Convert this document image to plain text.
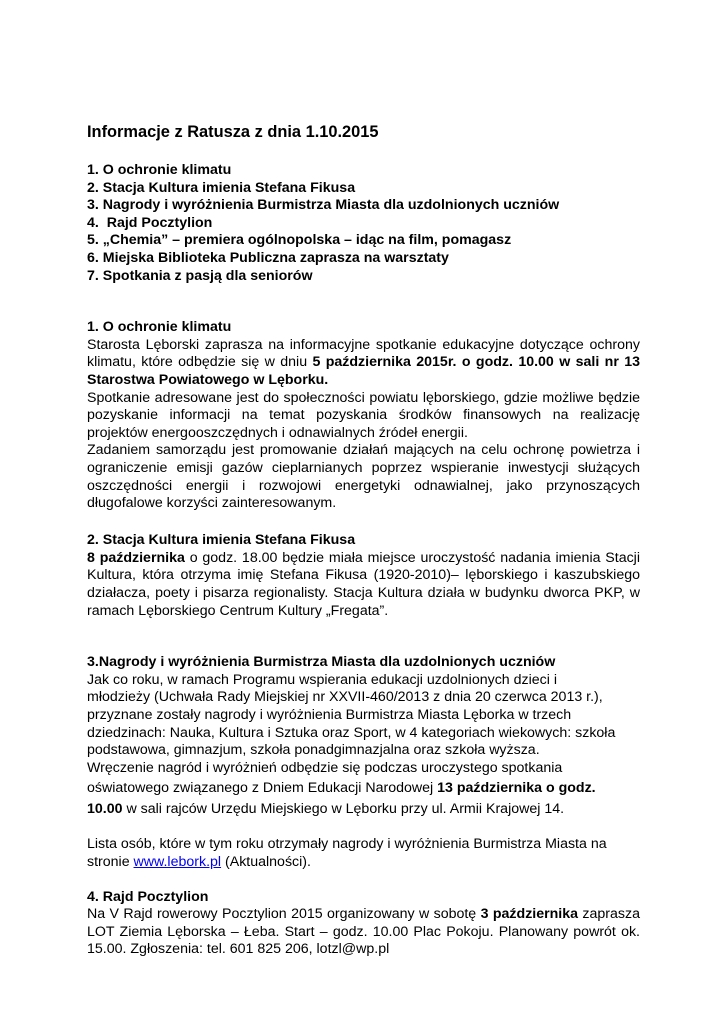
Informacje z Ratusza z dnia 1.10.2015
1. O ochronie klimatu
2. Stacja Kultura imienia Stefana Fikusa
3. Nagrody i wyróżnienia Burmistrza Miasta dla uzdolnionych uczniów
4.  Rajd Pocztylion
5. „Chemia” – premiera ogólnopolska – idąc na film, pomagasz
6. Miejska Biblioteka Publiczna zaprasza na warsztaty
7. Spotkania z pasją dla seniorów
1. O ochronie klimatu

Starosta Lęborski zaprasza na informacyjne spotkanie edukacyjne dotyczące ochrony klimatu, które odbędzie się w dniu 5 października 2015r. o godz. 10.00 w sali nr 13 Starostwa Powiatowego w Lęborku.

Spotkanie adresowane jest do społeczności powiatu lęborskiego, gdzie możliwe będzie pozyskanie informacji na temat pozyskania środków finansowych na realizację projektów energooszczędnych i odnawialnych źródeł energii.

Zadaniem samorządu jest promowanie działań mających na celu ochronę powietrza i ograniczenie emisji gazów cieplarnianych poprzez wspieranie inwestycji służących oszczędności energii i rozwojowi energetyki odnawialnej, jako przynoszących długofalowe korzyści zainteresowanym.

2. Stacja Kultura imienia Stefana Fikusa

8 października o godz. 18.00 będzie miała miejsce uroczystość nadania imienia Stacji Kultura, która otrzyma imię Stefana Fikusa (1920-2010)– lęborskiego i kaszubskiego działacza, poety i pisarza regionalisty. Stacja Kultura działa w budynku dworca PKP, w ramach Lęborskiego Centrum Kultury „Fregata”.

3.Nagrody i wyróżnienia Burmistrza Miasta dla uzdolnionych uczniów

Jak co roku, w ramach Programu wspierania edukacji uzdolnionych dzieci i

młodzieży (Uchwała Rady Miejskiej nr XXVII-460/2013 z dnia 20 czerwca 2013 r.),

przyznane zostały nagrody i wyróżnienia Burmistrza Miasta Lęborka w trzech

dziedzinach: Nauka, Kultura i Sztuka oraz Sport, w 4 kategoriach wiekowych: szkoła

podstawowa, gimnazjum, szkoła ponadgimnazjalna oraz szkoła wyższa.

Wręczenie nagród i wyróżnień odbędzie się podczas uroczystego spotkania

oświatowego związanego z Dniem Edukacji Narodowej 13 października o godz.

10.00 w sali rajców Urzędu Miejskiego w Lęborku przy ul. Armii Krajowej 14.

Lista osób, które w tym roku otrzymały nagrody i wyróżnienia Burmistrza Miasta na

stronie www.lebork.pl (Aktualności).

4. Rajd Pocztylion

Na V Rajd rowerowy Pocztylion 2015 organizowany w sobotę 3 października zaprasza LOT Ziemia Lęborska – Łeba. Start – godz. 10.00 Plac Pokoju. Planowany powrót ok. 15.00. Zgłoszenia: tel. 601 825 206, lotzl@wp.pl
